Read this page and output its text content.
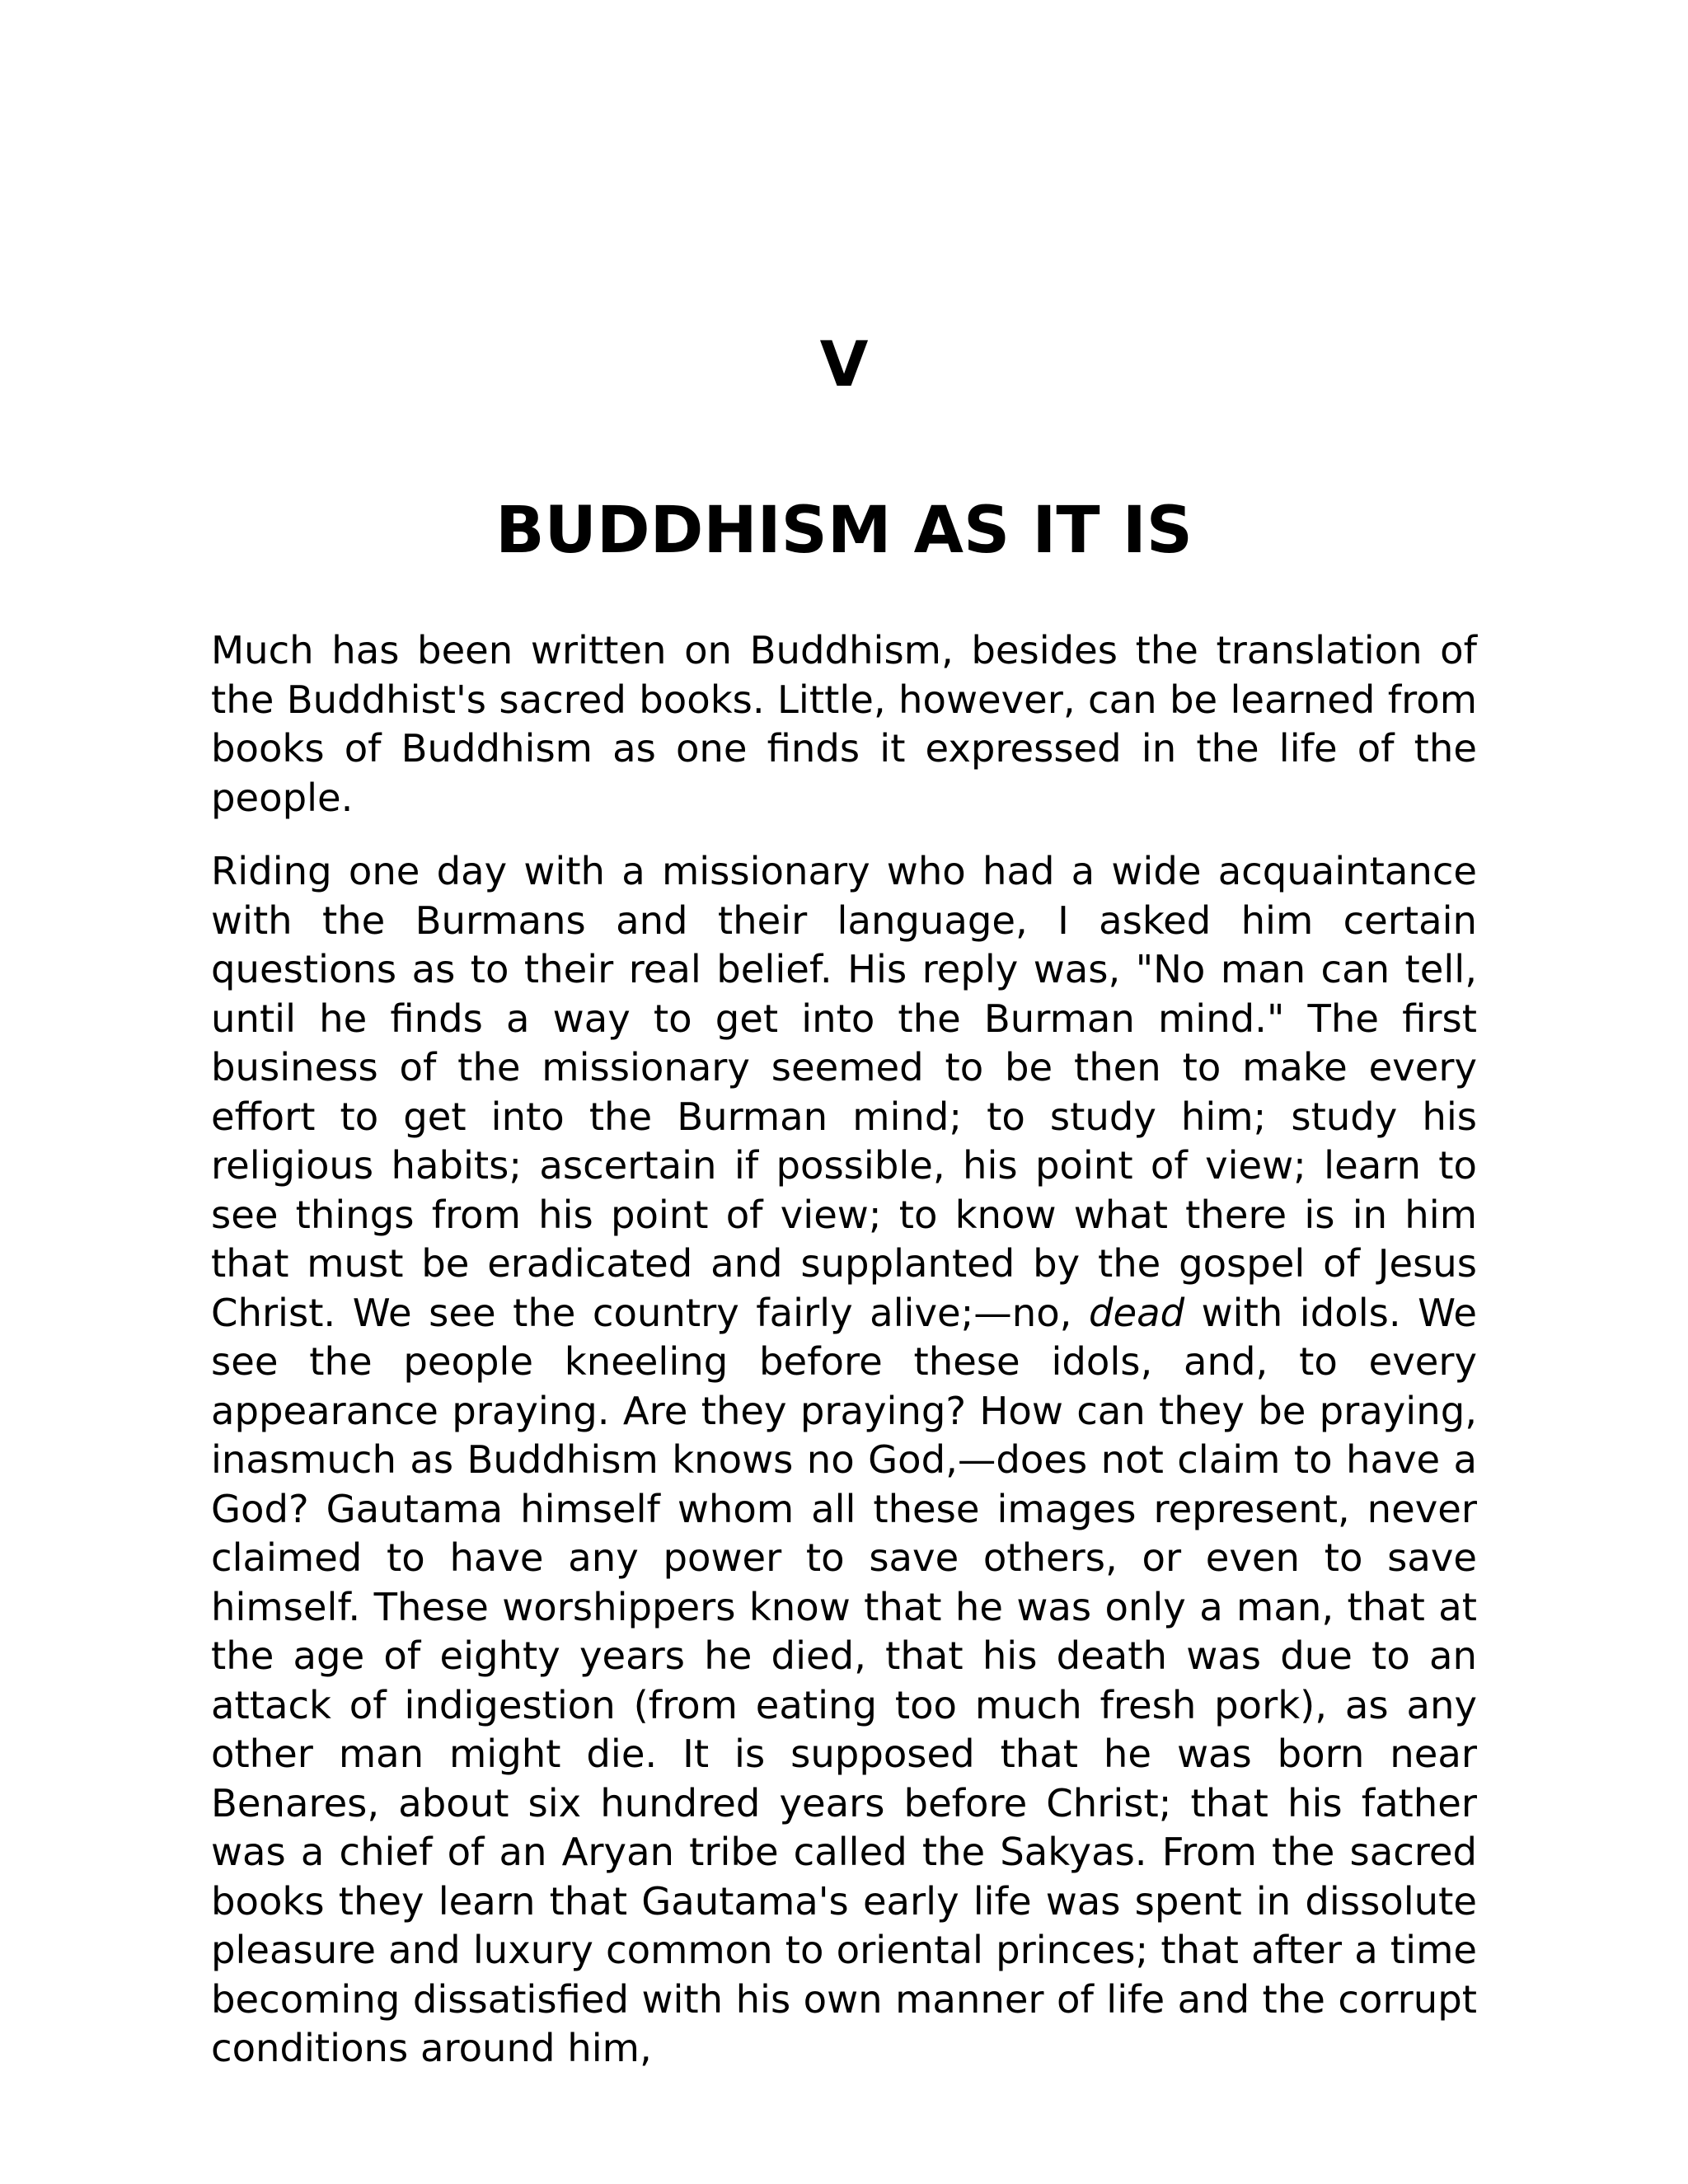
V
BUDDHISM AS IT IS

Much has been written on Buddhism, besides the translation of the Buddhist's sacred books. Little, however, can be learned from books of Buddhism as one finds it expressed in the life of the people.

Riding one day with a missionary who had a wide acquaintance with the Burmans and their language, I asked him certain questions as to their real belief. His reply was, "No man can tell, until he finds a way to get into the Burman mind." The first business of the missionary seemed to be then to make every effort to get into the Burman mind; to study him; study his religious habits; ascertain if possible, his point of view; learn to see things from his point of view; to know what there is in him that must be eradicated and supplanted by the gospel of Jesus Christ. We see the country fairly alive;—no, dead with idols. We see the people kneeling before these idols, and, to every appearance praying. Are they praying? How can they be praying, inasmuch as Buddhism knows no God,—does not claim to have a God? Gautama himself whom all these images represent, never claimed to have any power to save others, or even to save himself. These worshippers know that he was only a man, that at the age of eighty years he died, that his death was due to an attack of indigestion (from eating too much fresh pork), as any other man might die. It is supposed that he was born near Benares, about six hundred years before Christ; that his father was a chief of an Aryan tribe called the Sakyas. From the sacred books they learn that Gautama's early life was spent in dissolute pleasure and luxury common to oriental princes; that after a time becoming dissatisfied with his own manner of life and the corrupt conditions around him,
